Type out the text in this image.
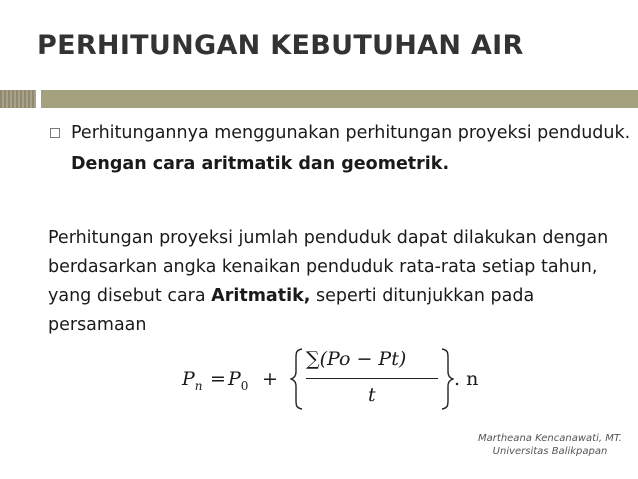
PERHITUNGAN KEBUTUHAN AIR
Perhitungannya menggunakan perhitungan proyeksi penduduk. Dengan cara aritmatik dan geometrik.
Perhitungan proyeksi jumlah penduduk dapat dilakukan dengan berdasarkan angka kenaikan penduduk rata-rata setiap tahun, yang disebut cara Aritmatik, seperti ditunjukkan pada persamaan
$P_n = P_0$ +
∑(Po − Pt)
t
. n
Martheana Kencanawati, MT.
Universitas Balikpapan
